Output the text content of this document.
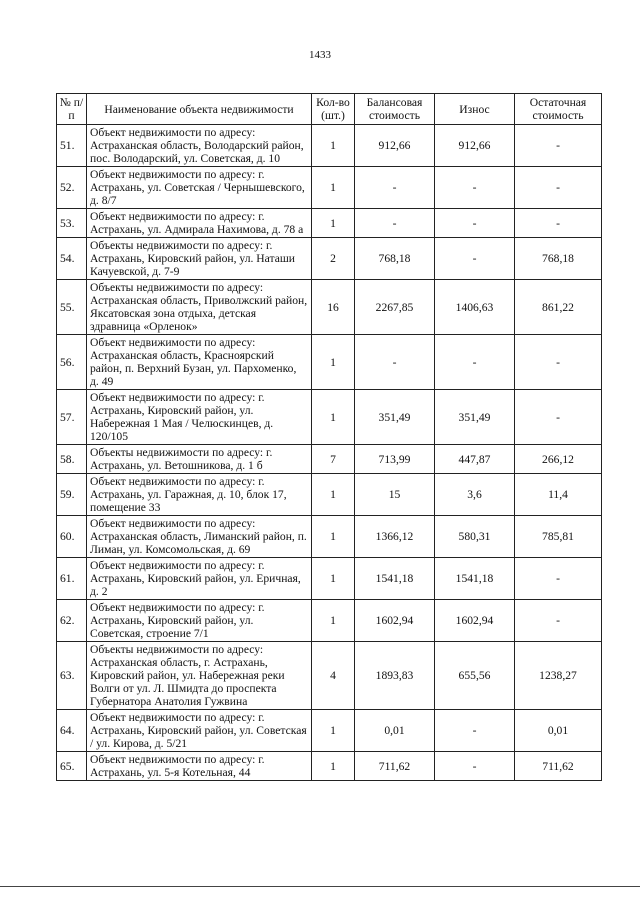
1433
№ п/п	Наименование объекта недвижимости	Кол-во (шт.)	Балансовая стоимость	Износ	Остаточная стоимость
51.	Объект недвижимости по адресу: Астраханская область, Володарский район, пос. Володарский, ул. Советская, д. 10	1	912,66	912,66	-
52.	Объект недвижимости по адресу: г. Астрахань, ул. Советская / Чернышевского, д. 8/7	1	-	-	-
53.	Объект недвижимости по адресу: г. Астрахань, ул. Адмирала Нахимова, д. 78 а	1	-	-	-
54.	Объекты недвижимости по адресу: г. Астрахань, Кировский район, ул. Наташи Качуевской, д. 7-9	2	768,18	-	768,18
55.	Объекты недвижимости по адресу: Астраханская область, Приволжский район, Яксатовская зона отдыха, детская здравница «Орленок»	16	2267,85	1406,63	861,22
56.	Объект недвижимости по адресу: Астраханская область, Красноярский район, п. Верхний Бузан, ул. Пархоменко, д. 49	1	-	-	-
57.	Объект недвижимости по адресу: г. Астрахань, Кировский район, ул. Набережная 1 Мая / Челюскинцев, д. 120/105	1	351,49	351,49	-
58.	Объекты недвижимости по адресу: г. Астрахань, ул. Ветошникова, д. 1 б	7	713,99	447,87	266,12
59.	Объект недвижимости по адресу: г. Астрахань, ул. Гаражная, д. 10, блок 17, помещение 33	1	15	3,6	11,4
60.	Объект недвижимости по адресу: Астраханская область, Лиманский район, п. Лиман, ул. Комсомольская, д. 69	1	1366,12	580,31	785,81
61.	Объект недвижимости по адресу: г. Астрахань, Кировский район, ул. Еричная, д. 2	1	1541,18	1541,18	-
62.	Объект недвижимости по адресу: г. Астрахань, Кировский район, ул. Советская, строение 7/1	1	1602,94	1602,94	-
63.	Объекты недвижимости по адресу: Астраханская область, г. Астрахань, Кировский район, ул. Набережная реки Волги от ул. Л. Шмидта до проспекта Губернатора Анатолия Гужвина	4	1893,83	655,56	1238,27
64.	Объект недвижимости по адресу: г. Астрахань, Кировский район, ул. Советская / ул. Кирова, д. 5/21	1	0,01	-	0,01
65.	Объект недвижимости по адресу: г. Астрахань, ул. 5-я Котельная, 44	1	711,62	-	711,62
